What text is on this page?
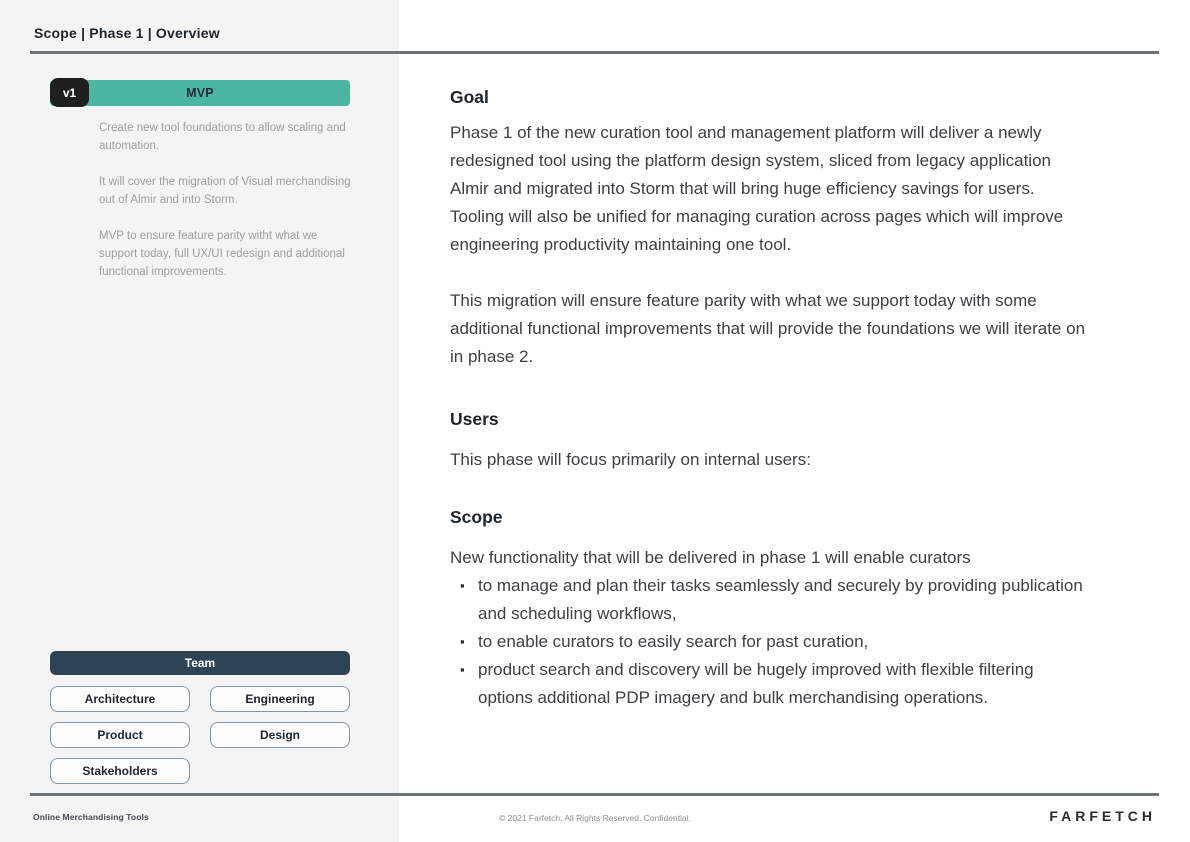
Scope | Phase 1 | Overview
MVP
v1

Create new tool foundations to allow scaling and automation.

It will cover the migration of Visual merchandising out of Almir and into Storm.

MVP to ensure feature parity witht what we support today, full UX/UI redesign and additional functional improvements.

Team
Architecture	Engineering
Product	Design
Stakeholders
Goal

Phase 1 of the new curation tool and management platform will deliver a newly redesigned tool using the platform design system, sliced from legacy application Almir and migrated into Storm that will bring huge efficiency savings for users. Tooling will also be unified for managing curation across pages which will improve engineering productivity maintaining one tool.

This migration will ensure feature parity with what we support today with some additional functional improvements that will provide the foundations we will iterate on in phase 2.

Users

This phase will focus primarily on internal users:

Scope

New functionality that will be delivered in phase 1 will enable curators

▪ to manage and plan their tasks seamlessly and securely by providing publication and scheduling workflows,
▪ to enable curators to easily search for past curation,
▪ product search and discovery will be hugely improved with flexible filtering options additional PDP imagery and bulk merchandising operations.
Online Merchandising Tools	© 2021 Farfetch. All Rights Reserved. Confidential.	FARFETCH
